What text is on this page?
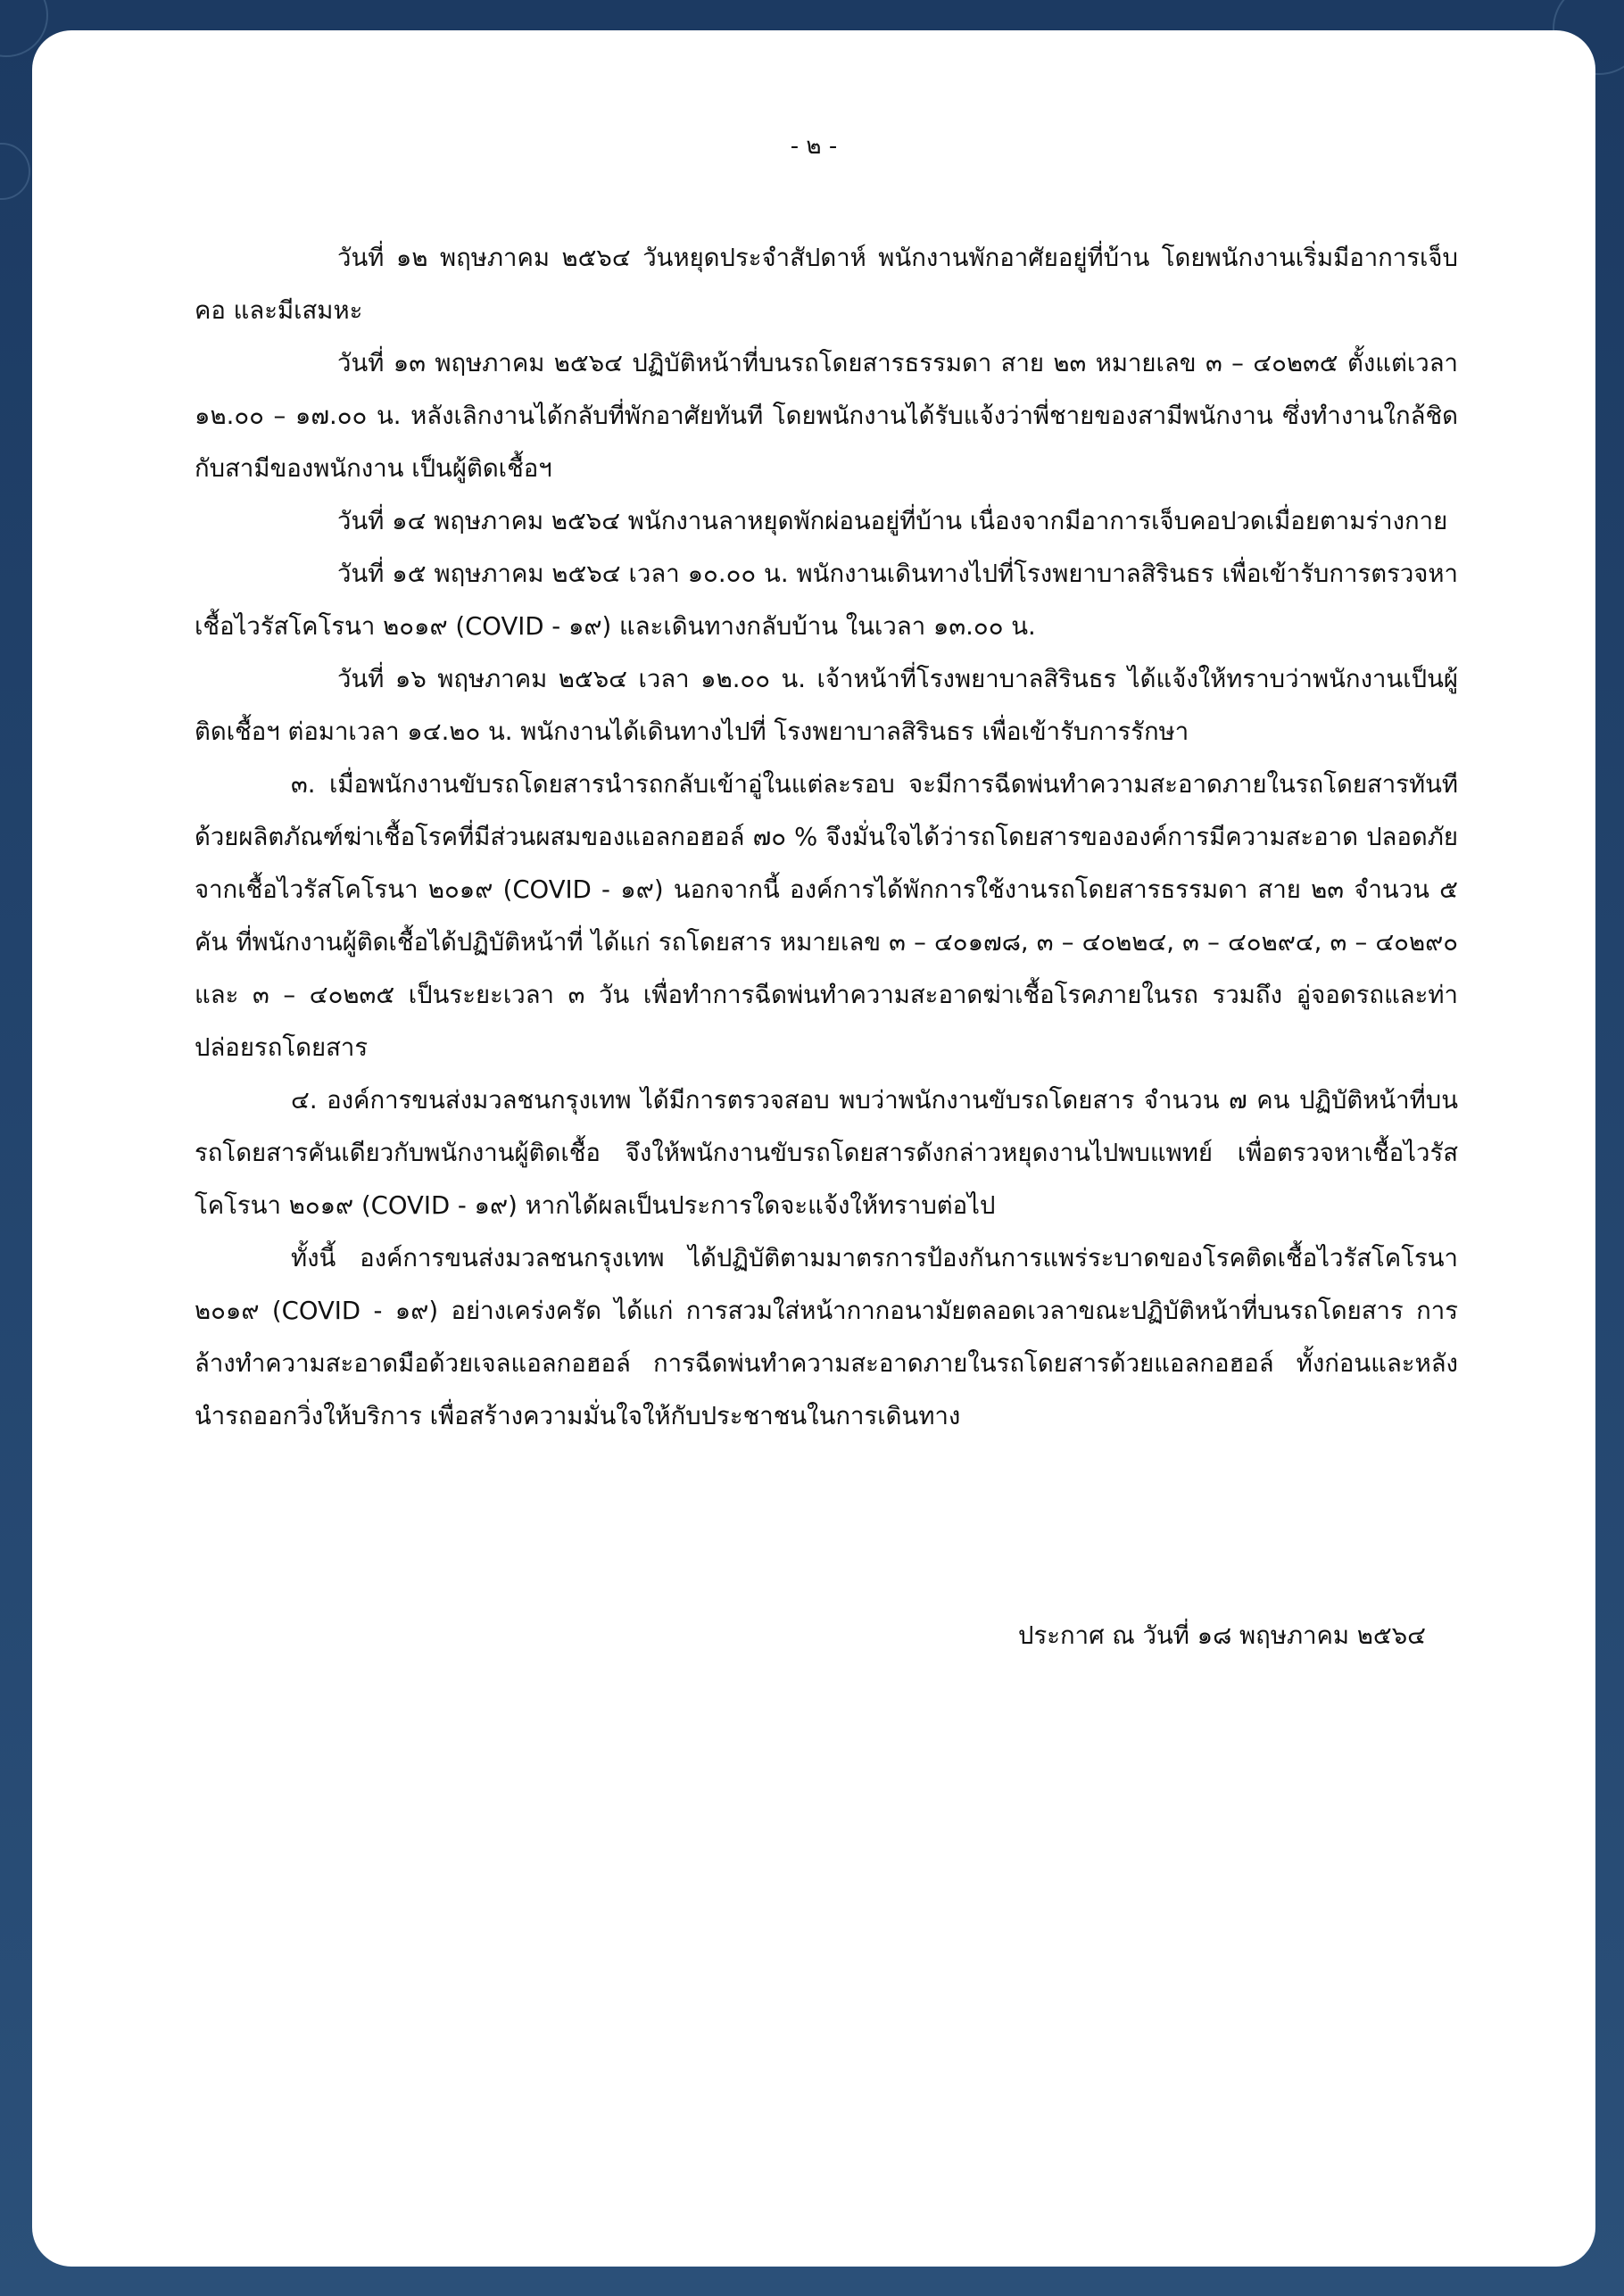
- ๒ -

วันที่ ๑๒ พฤษภาคม ๒๕๖๔ วันหยุดประจำสัปดาห์ พนักงานพักอาศัยอยู่ที่บ้าน โดยพนักงานเริ่มมีอาการเจ็บคอ และมีเสมหะ

วันที่ ๑๓ พฤษภาคม ๒๕๖๔ ปฏิบัติหน้าที่บนรถโดยสารธรรมดา สาย ๒๓ หมายเลข ๓ – ๔๐๒๓๕ ตั้งแต่เวลา ๑๒.๐๐ – ๑๗.๐๐ น. หลังเลิกงานได้กลับที่พักอาศัยทันที โดยพนักงานได้รับแจ้งว่าพี่ชายของสามีพนักงาน ซึ่งทำงานใกล้ชิดกับสามีของพนักงาน เป็นผู้ติดเชื้อฯ

วันที่ ๑๔ พฤษภาคม ๒๕๖๔ พนักงานลาหยุดพักผ่อนอยู่ที่บ้าน เนื่องจากมีอาการเจ็บคอปวดเมื่อยตามร่างกาย

วันที่ ๑๕ พฤษภาคม ๒๕๖๔ เวลา ๑๐.๐๐ น. พนักงานเดินทางไปที่โรงพยาบาลสิรินธร เพื่อเข้ารับการตรวจหาเชื้อไวรัสโคโรนา ๒๐๑๙ (COVID - ๑๙) และเดินทางกลับบ้าน ในเวลา ๑๓.๐๐ น.

วันที่ ๑๖ พฤษภาคม ๒๕๖๔ เวลา ๑๒.๐๐ น. เจ้าหน้าที่โรงพยาบาลสิรินธร ได้แจ้งให้ทราบว่าพนักงานเป็นผู้ติดเชื้อฯ ต่อมาเวลา ๑๔.๒๐ น. พนักงานได้เดินทางไปที่ โรงพยาบาลสิรินธร เพื่อเข้ารับการรักษา

๓. เมื่อพนักงานขับรถโดยสารนำรถกลับเข้าอู่ในแต่ละรอบ จะมีการฉีดพ่นทำความสะอาดภายในรถโดยสารทันทีด้วยผลิตภัณฑ์ฆ่าเชื้อโรคที่มีส่วนผสมของแอลกอฮอล์ ๗๐ % จึงมั่นใจได้ว่ารถโดยสารขององค์การมีความสะอาด ปลอดภัยจากเชื้อไวรัสโคโรนา ๒๐๑๙ (COVID - ๑๙) นอกจากนี้ องค์การได้พักการใช้งานรถโดยสารธรรมดา สาย ๒๓ จำนวน ๕ คัน ที่พนักงานผู้ติดเชื้อได้ปฏิบัติหน้าที่ ได้แก่ รถโดยสาร หมายเลข ๓ – ๔๐๑๗๘, ๓ – ๔๐๒๒๔, ๓ – ๔๐๒๙๔, ๓ – ๔๐๒๙๐ และ ๓ – ๔๐๒๓๕ เป็นระยะเวลา ๓ วัน เพื่อทำการฉีดพ่นทำความสะอาดฆ่าเชื้อโรคภายในรถ รวมถึง อู่จอดรถและท่าปล่อยรถโดยสาร

๔. องค์การขนส่งมวลชนกรุงเทพ ได้มีการตรวจสอบ พบว่าพนักงานขับรถโดยสาร จำนวน ๗ คน ปฏิบัติหน้าที่บนรถโดยสารคันเดียวกับพนักงานผู้ติดเชื้อ จึงให้พนักงานขับรถโดยสารดังกล่าวหยุดงานไปพบแพทย์ เพื่อตรวจหาเชื้อไวรัสโคโรนา ๒๐๑๙ (COVID - ๑๙) หากได้ผลเป็นประการใดจะแจ้งให้ทราบต่อไป

ทั้งนี้ องค์การขนส่งมวลชนกรุงเทพ ได้ปฏิบัติตามมาตรการป้องกันการแพร่ระบาดของโรคติดเชื้อไวรัสโคโรนา ๒๐๑๙ (COVID - ๑๙) อย่างเคร่งครัด ได้แก่ การสวมใส่หน้ากากอนามัยตลอดเวลาขณะปฏิบัติหน้าที่บนรถโดยสาร การล้างทำความสะอาดมือด้วยเจลแอลกอฮอล์ การฉีดพ่นทำความสะอาดภายในรถโดยสารด้วยแอลกอฮอล์ ทั้งก่อนและหลังนำรถออกวิ่งให้บริการ เพื่อสร้างความมั่นใจให้กับประชาชนในการเดินทาง

ประกาศ ณ วันที่ ๑๘ พฤษภาคม ๒๕๖๔
